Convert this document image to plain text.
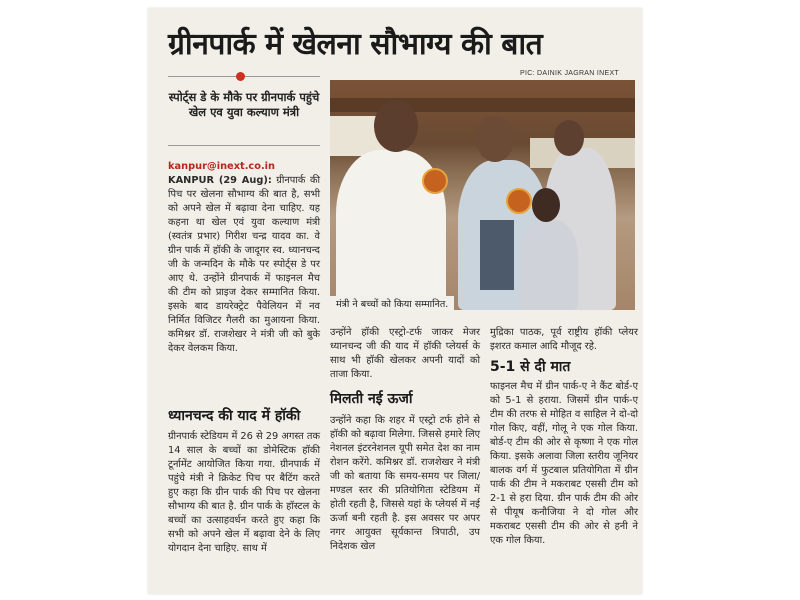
ग्रीनपार्क में खेलना सौभाग्य की बात
PIC: DAINIK JAGRAN INEXT
स्पोर्ट्स डे के मौके पर ग्रीनपार्क पहुंचे खेल एव युवा कल्याण मंत्री
मंत्री ने बच्चों को किया सम्मानित.
kanpur@inext.co.in
KANPUR (29 Aug): ग्रीनपार्क की पिच पर खेलना सौभाग्य की बात है, सभी को अपने खेल में बढ़ावा देना चाहिए. यह कहना था खेल एवं युवा कल्याण मंत्री (स्वतंत्र प्रभार) गिरीश चन्द्र यादव का. वे ग्रीन पार्क में हॉकी के जादूगर स्व. ध्यानचन्द जी के जन्मदिन के मौके पर स्पोर्ट्स डे पर आए थे. उन्होंने ग्रीनपार्क में फाइनल मैच की टीम को प्राइज देकर सम्मानित किया. इसके बाद डायरेक्ट्रेट पैवेलियन में नव निर्मित विजिटर गैलरी का मुआयना किया. कमिश्नर डॉ. राजशेखर ने मंत्री जी को बुके देकर वेलकम किया.
ध्यानचन्द की याद में हॉकी
ग्रीनपार्क स्टेडियम में 26 से 29 अगस्त तक 14 साल के बच्चों का डोमेस्टिक हॉकी टूर्नामेंट आयोजित किया गया. ग्रीनपार्क में पहुंचे मंत्री ने क्रिकेट पिच पर बैटिंग करते हुए कहा कि ग्रीन पार्क की पिच पर खेलना सौभाग्य की बात है. ग्रीन पार्क के हॉस्टल के बच्चों का उत्साहवर्धन करते हुए कहा कि सभी को अपने खेल में बढ़ावा देने के लिए योगदान देना चाहिए. साथ में
उन्होंने हॉकी एस्ट्रो-टर्फ जाकर मेजर ध्यानचन्द जी की याद में हॉकी प्लेयर्स के साथ भी हॉकी खेलकर अपनी यादों को ताजा किया.
मिलती नई ऊर्जा
उन्होंने कहा कि शहर में एस्ट्रो टर्फ होने से हॉकी को बढ़ावा मिलेगा. जिससे हमारे लिए नेशनल इंटरनेशनल यूपी समेत देश का नाम रोशन करेंगे. कमिश्नर डॉ. राजशेखर ने मंत्री जी को बताया कि समय-समय पर जिला/मण्डल स्तर की प्रतियोगिता स्टेडियम में होती रहती है, जिससे यहां के प्लेयर्स में नई ऊर्जा बनी रहती है. इस अवसर पर अपर नगर आयुक्त सूर्यकान्त त्रिपाठी, उप निदेशक खेल
मुद्रिका पाठक, पूर्व राष्ट्रीय हॉकी प्लेयर इशरत कमाल आदि मौजूद रहे.
5-1 से दी मात
फाइनल मैच में ग्रीन पार्क-ए ने कैंट बोर्ड-ए को 5-1 से हराया. जिसमें ग्रीन पार्क-ए टीम की तरफ से मोहित व साहिल ने दो-दो गोल किए, वहीं, गोलू ने एक गोल किया. बोर्ड-ए टीम की ओर से कृष्णा ने एक गोल किया. इसके अलावा जिला स्तरीय जूनियर बालक वर्ग में फुटबाल प्रतियोगिता में ग्रीन पार्क की टीम ने मकराबट एससी टीम को 2-1 से हरा दिया. ग्रीन पार्क टीम की ओर से पीयूष कनौजिया ने दो गोल और मकराबट एससी टीम की ओर से हनी ने एक गोल किया.
